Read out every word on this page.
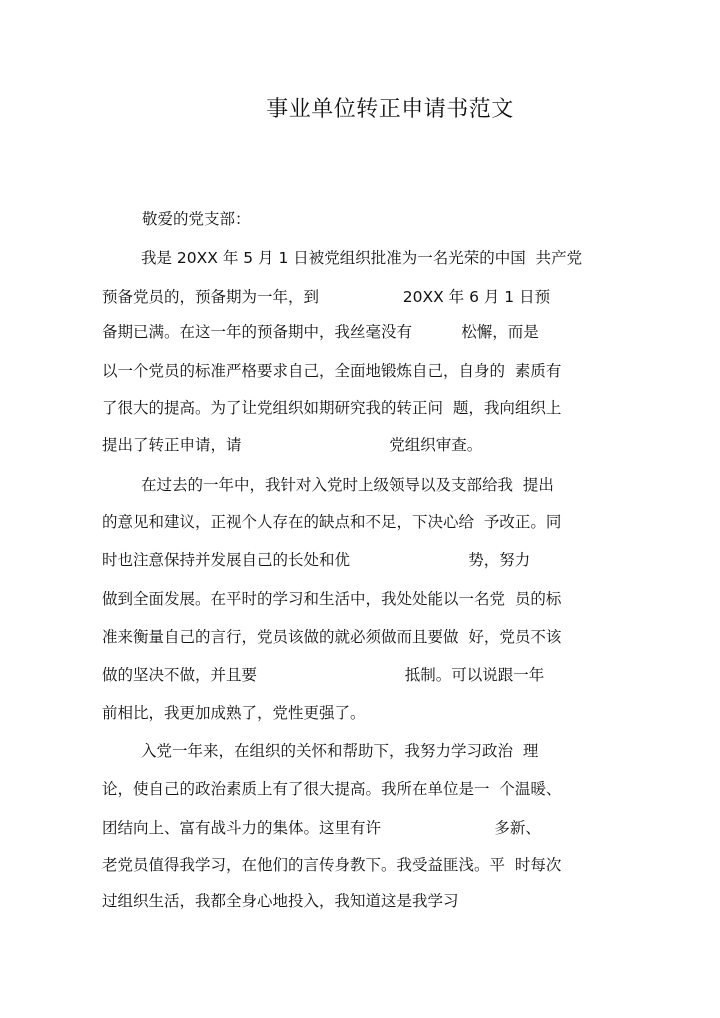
事业单位转正申请书范文
敬爱的党支部：
　　我是 20XX 年 5 月 1 日被党组织批准为一名光荣的中国  共产党
预备党员的，预备期为一年，到                 20XX 年 6 月 1 日预
备期已满。在这一年的预备期中，我丝毫没有          松懈，而是
以一个党员的标准严格要求自己，全面地锻炼自己，自身的  素质有
了很大的提高。为了让党组织如期研究我的转正问  题，我向组织上
提出了转正申请，请                              党组织审查。
　　在过去的一年中，我针对入党时上级领导以及支部给我  提出
的意见和建议，正视个人存在的缺点和不足，下决心给  予改正。同
时也注意保持并发展自己的长处和优                        势，努力
做到全面发展。在平时的学习和生活中，我处处能以一名党  员的标
准来衡量自己的言行，党员该做的就必须做而且要做  好，党员不该
做的坚决不做，并且要                              抵制。可以说跟一年
前相比，我更加成熟了，党性更强了。
　　入党一年来，在组织的关怀和帮助下，我努力学习政治  理
论，使自己的政治素质上有了很大提高。我所在单位是一  个温暖、
团结向上、富有战斗力的集体。这里有许                       多新、
老党员值得我学习，在他们的言传身教下。我受益匪浅。平  时每次
过组织生活，我都全身心地投入，我知道这是我学习
